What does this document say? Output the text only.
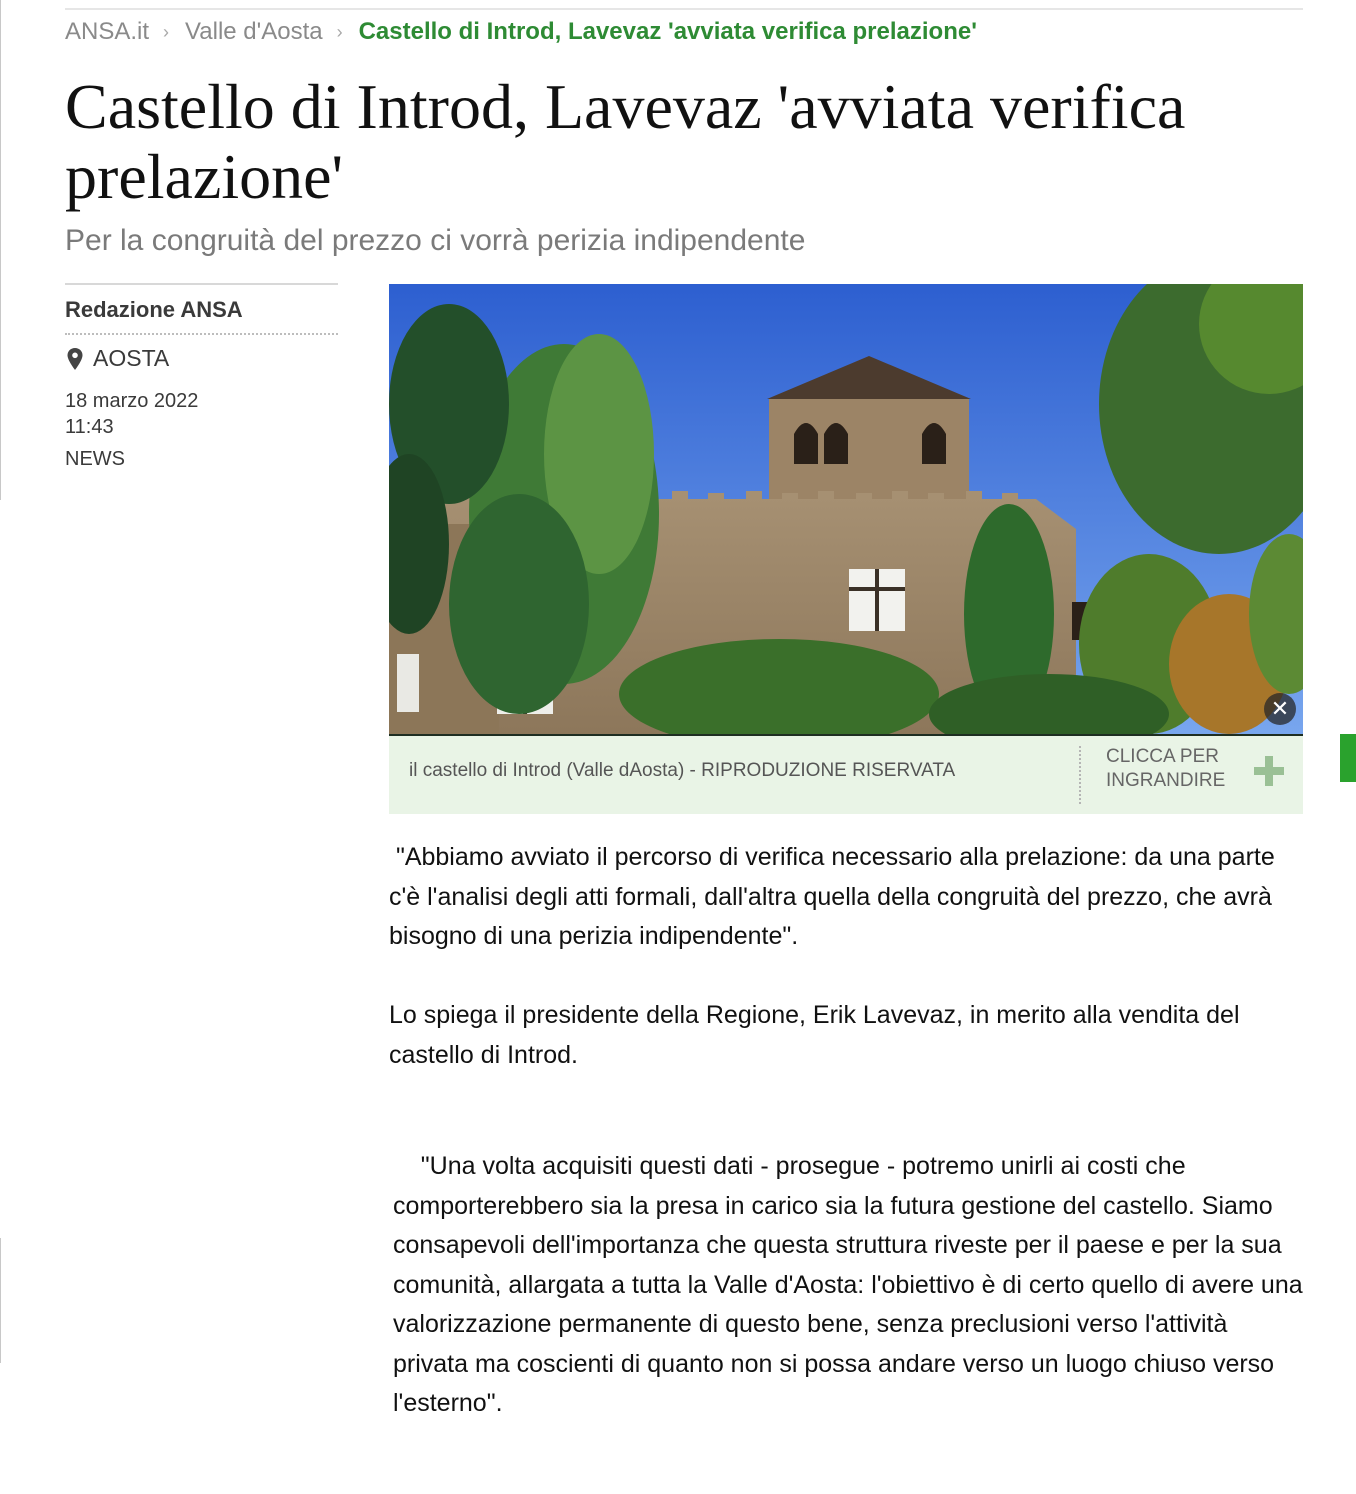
ANSA.it › Valle d'Aosta › Castello di Introd, Lavevaz 'avviata verifica prelazione'
Castello di Introd, Lavevaz 'avviata verifica prelazione'
Per la congruità del prezzo ci vorrà perizia indipendente
Redazione ANSA
AOSTA
18 marzo 2022
11:43
NEWS
✕
il castello di Introd (Valle dAosta) - RIPRODUZIONE RISERVATA
CLICCA PER INGRANDIRE

"Abbiamo avviato il percorso di verifica necessario alla prelazione: da una parte c'è l'analisi degli atti formali, dall'altra quella della congruità del prezzo, che avrà bisogno di una perizia indipendente".

Lo spiega il presidente della Regione, Erik Lavevaz, in merito alla vendita del castello di Introd.

"Una volta acquisiti questi dati - prosegue - potremo unirli ai costi che comporterebbero sia la presa in carico sia la futura gestione del castello. Siamo consapevoli dell'importanza che questa struttura riveste per il paese e per la sua comunità, allargata a tutta la Valle d'Aosta: l'obiettivo è di certo quello di avere una valorizzazione permanente di questo bene, senza preclusioni verso l'attività privata ma coscienti di quanto non si possa andare verso un luogo chiuso verso l'esterno".
